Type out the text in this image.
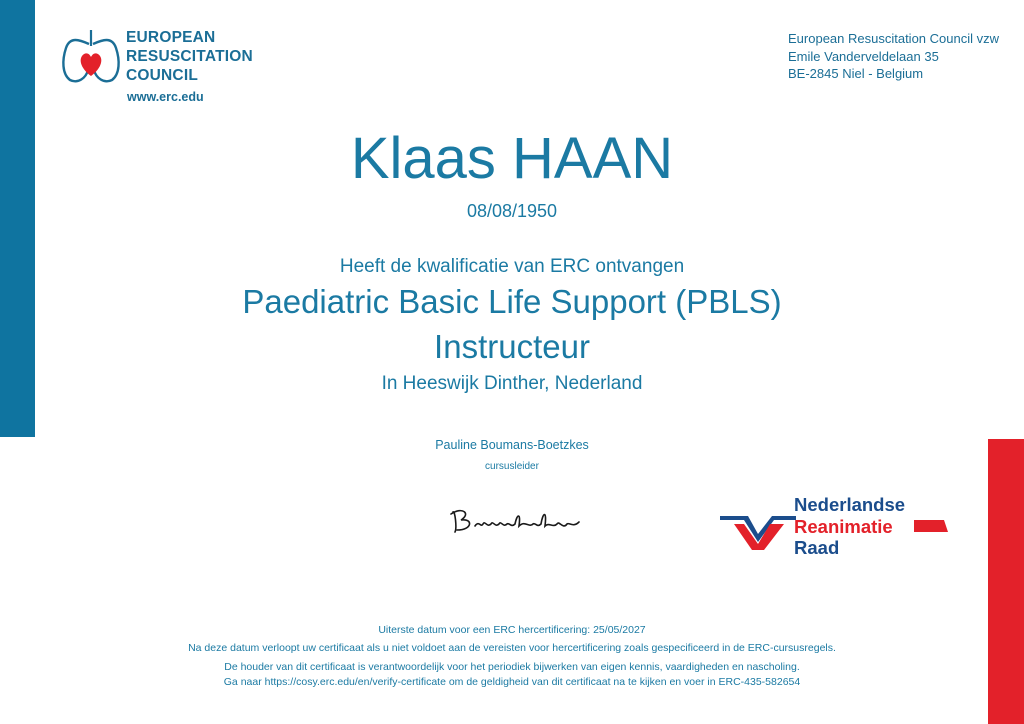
EUROPEAN
RESUSCITATION
COUNCIL
www.erc.edu
European Resuscitation Council vzw
Emile Vanderveldelaan 35
BE-2845 Niel - Belgium
Klaas HAAN
08/08/1950
Heeft de kwalificatie van ERC ontvangen
Paediatric Basic Life Support (PBLS)
Instructeur
In Heeswijk Dinther, Nederland
Pauline Boumans-Boetzkes
cursusleider
Nederlandse
Reanimatie
Raad
Uiterste datum voor een ERC hercertificering: 25/05/2027
Na deze datum verloopt uw certificaat als u niet voldoet aan de vereisten voor hercertificering zoals gespecificeerd in de ERC-cursusregels.
De houder van dit certificaat is verantwoordelijk voor het periodiek bijwerken van eigen kennis, vaardigheden en nascholing.
Ga naar https://cosy.erc.edu/en/verify-certificate om de geldigheid van dit certificaat na te kijken en voer in ERC-435-582654
